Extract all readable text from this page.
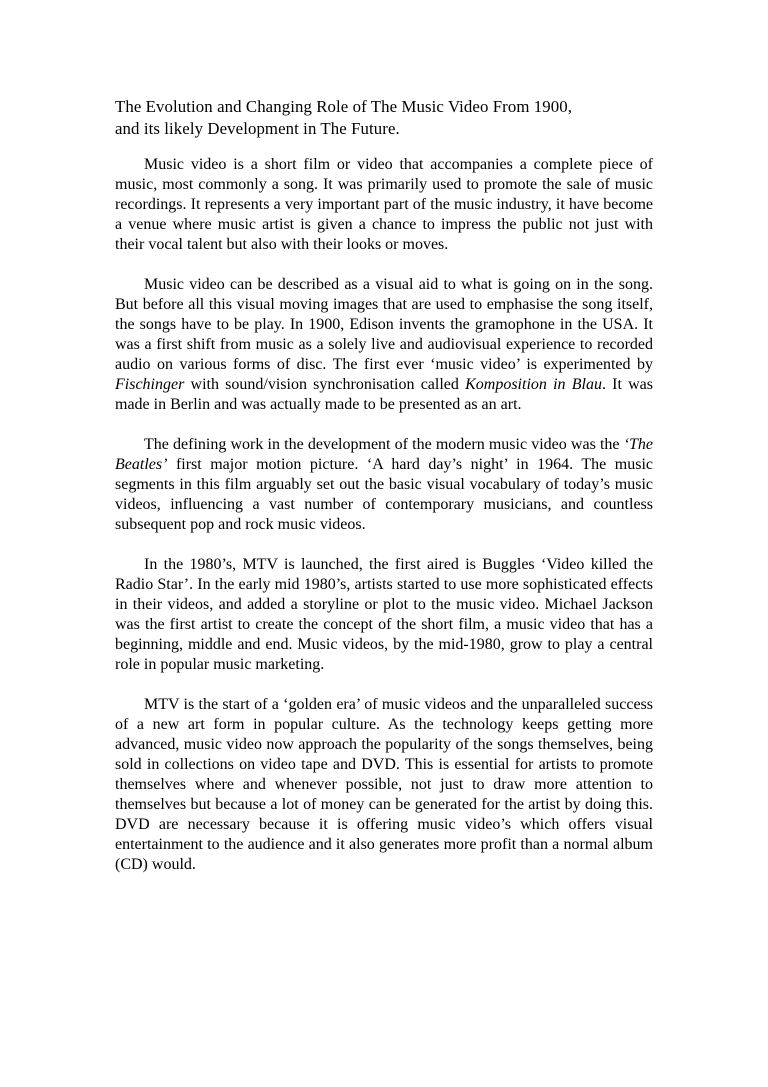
The Evolution and Changing Role of The Music Video From 1900,
and its likely Development in The Future.

Music video is a short film or video that accompanies a complete piece of music, most commonly a song. It was primarily used to promote the sale of music recordings. It represents a very important part of the music industry, it have become a venue where music artist is given a chance to impress the public not just with their vocal talent but also with their looks or moves.

Music video can be described as a visual aid to what is going on in the song. But before all this visual moving images that are used to emphasise the song itself, the songs have to be play. In 1900, Edison invents the gramophone in the USA. It was a first shift from music as a solely live and audiovisual experience to recorded audio on various forms of disc. The first ever ‘music video’ is experimented by Fischinger with sound/vision synchronisation called Komposition in Blau. It was made in Berlin and was actually made to be presented as an art.

The defining work in the development of the modern music video was the ‘The Beatles’ first major motion picture. ‘A hard day’s night’ in 1964. The music segments in this film arguably set out the basic visual vocabulary of today’s music videos, influencing a vast number of contemporary musicians, and countless subsequent pop and rock music videos.

In the 1980’s, MTV is launched, the first aired is Buggles ‘Video killed the Radio Star’. In the early mid 1980’s, artists started to use more sophisticated effects in their videos, and added a storyline or plot to the music video. Michael Jackson was the first artist to create the concept of the short film, a music video that has a beginning, middle and end. Music videos, by the mid-1980, grow to play a central role in popular music marketing.

MTV is the start of a ‘golden era’ of music videos and the unparalleled success of a new art form in popular culture. As the technology keeps getting more advanced, music video now approach the popularity of the songs themselves, being sold in collections on video tape and DVD. This is essential for artists to promote themselves where and whenever possible, not just to draw more attention to themselves but because a lot of money can be generated for the artist by doing this. DVD are necessary because it is offering music video’s which offers visual entertainment to the audience and it also generates more profit than a normal album (CD) would.
